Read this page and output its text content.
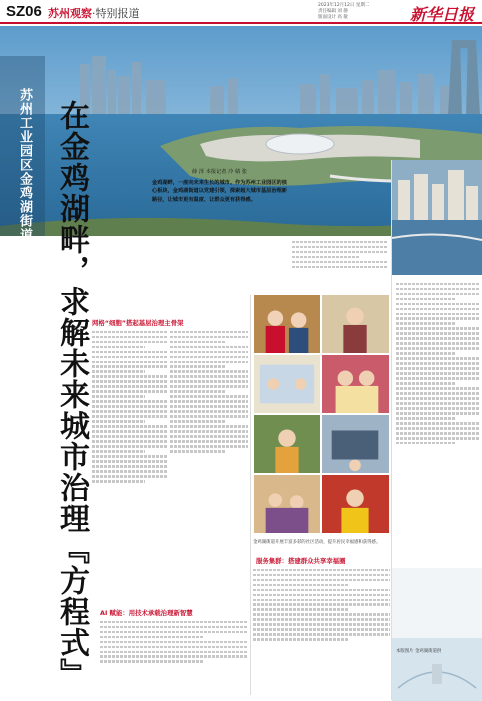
SZ06 苏州观察·特别报道
2023年12月12日 星期二
责任编辑 刘 静
版面设计 高 敏	新华日报
苏州工业园区金鸡湖街道加快构建面向未来的新型城市基层治理体系 在金鸡湖畔，求解未来城市治理『方程式』	薛 泽 本报记者 冷 婧 张
金鸡湖畔，一座向未来生长的城市。作为苏州工业园区的核心板块，金鸡湖街道以党建引领，探索超大城市基层治理新路径，让城市更有温度、让群众更有获得感。
网格“细胞”搭起基层治理主骨架
AI 赋能：用技术承载治理新智慧
金鸡湖街道开展丰富多彩的社区活动，提升居民幸福感和获得感。
服务集群：搭建群众共享幸福圈
本版图片 金鸡湖街道供
